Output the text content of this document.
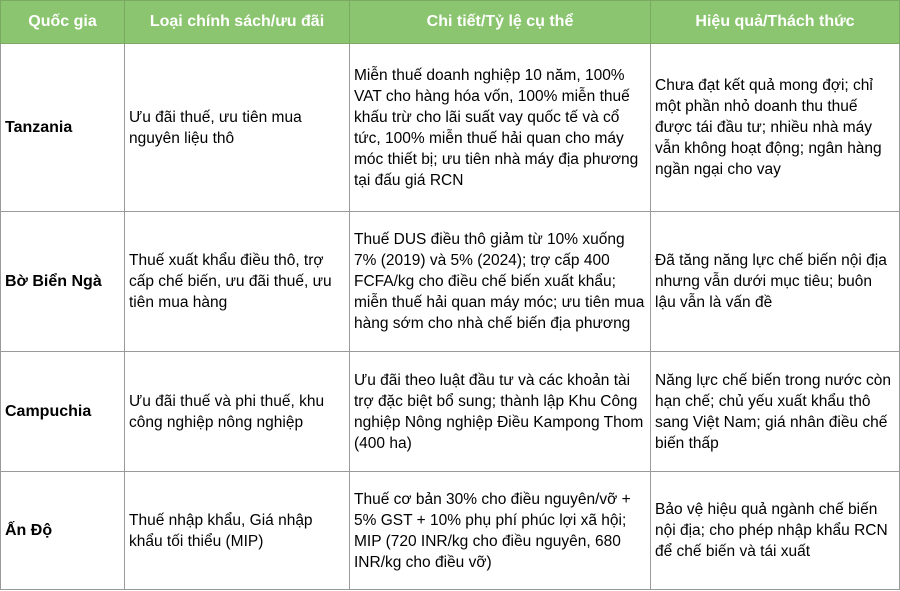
Quốc gia	Loại chính sách/ưu đãi	Chi tiết/Tỷ lệ cụ thể	Hiệu quả/Thách thức
Tanzania	Ưu đãi thuế, ưu tiên mua nguyên liệu thô	Miễn thuế doanh nghiệp 10 năm, 100% VAT cho hàng hóa vốn, 100% miễn thuế khấu trừ cho lãi suất vay quốc tế và cổ tức, 100% miễn thuế hải quan cho máy móc thiết bị; ưu tiên nhà máy địa phương tại đấu giá RCN	Chưa đạt kết quả mong đợi; chỉ một phần nhỏ doanh thu thuế được tái đầu tư; nhiều nhà máy vẫn không hoạt động; ngân hàng ngần ngại cho vay
Bờ Biển Ngà	Thuế xuất khẩu điều thô, trợ cấp chế biến, ưu đãi thuế, ưu tiên mua hàng	Thuế DUS điều thô giảm từ 10% xuống 7% (2019) và 5% (2024); trợ cấp 400 FCFA/kg cho điều chế biến xuất khẩu; miễn thuế hải quan máy móc; ưu tiên mua hàng sớm cho nhà chế biến địa phương	Đã tăng năng lực chế biến nội địa nhưng vẫn dưới mục tiêu; buôn lậu vẫn là vấn đề
Campuchia	Ưu đãi thuế và phi thuế, khu công nghiệp nông nghiệp	Ưu đãi theo luật đầu tư và các khoản tài trợ đặc biệt bổ sung; thành lập Khu Công nghiệp Nông nghiệp Điều Kampong Thom (400 ha)	Năng lực chế biến trong nước còn hạn chế; chủ yếu xuất khẩu thô sang Việt Nam; giá nhân điều chế biến thấp
Ấn Độ	Thuế nhập khẩu, Giá nhập khẩu tối thiểu (MIP)	Thuế cơ bản 30% cho điều nguyên/vỡ + 5% GST + 10% phụ phí phúc lợi xã hội; MIP (720 INR/kg cho điều nguyên, 680 INR/kg cho điều vỡ)	Bảo vệ hiệu quả ngành chế biến nội địa; cho phép nhập khẩu RCN để chế biến và tái xuất
